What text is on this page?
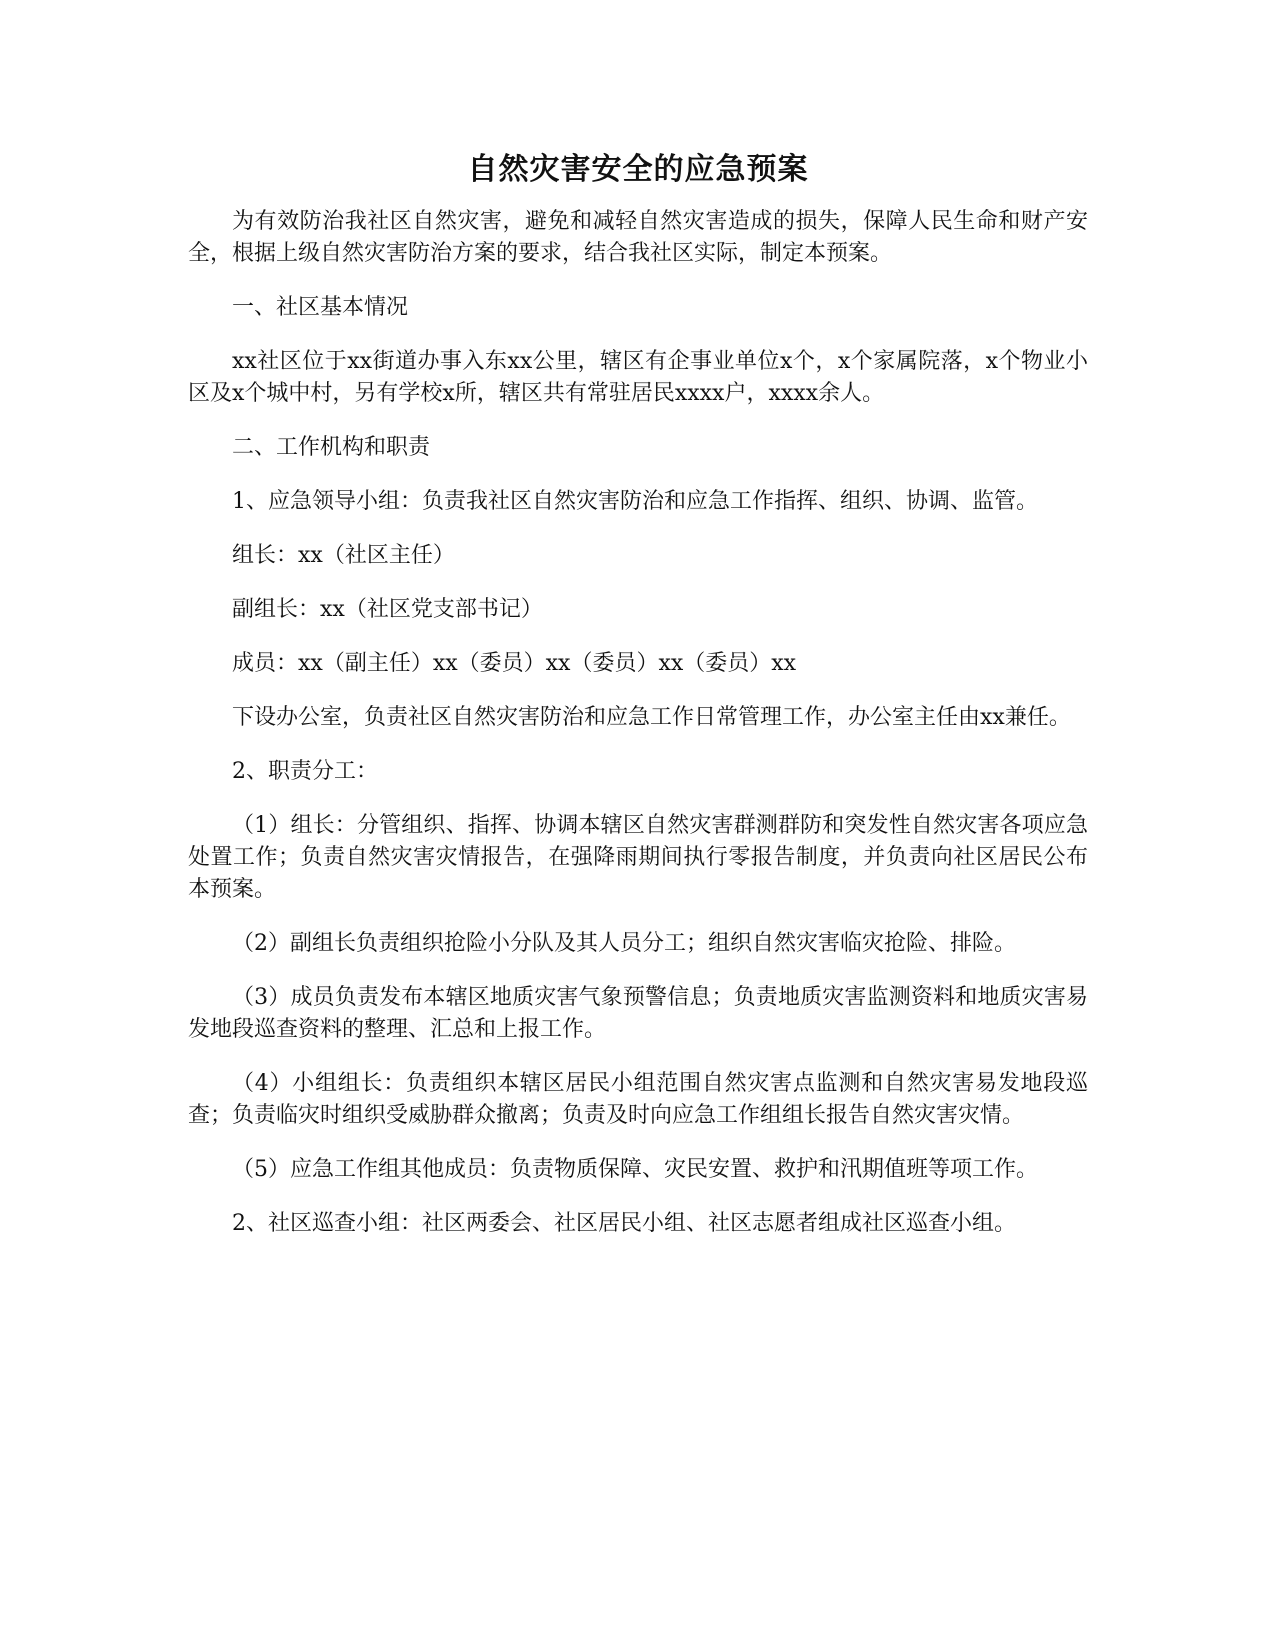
自然灾害安全的应急预案

为有效防治我社区自然灾害，避免和减轻自然灾害造成的损失，保障人民生命和财产安全，根据上级自然灾害防治方案的要求，结合我社区实际，制定本预案。

一、社区基本情况

xx社区位于xx街道办事入东xx公里，辖区有企事业单位x个，x个家属院落，x个物业小区及x个城中村，另有学校x所，辖区共有常驻居民xxxx户，xxxx余人。

二、工作机构和职责

1、应急领导小组：负责我社区自然灾害防治和应急工作指挥、组织、协调、监管。

组长：xx（社区主任）

副组长：xx（社区党支部书记）

成员：xx（副主任）xx（委员）xx（委员）xx（委员）xx

下设办公室，负责社区自然灾害防治和应急工作日常管理工作，办公室主任由xx兼任。

2、职责分工：

（1）组长：分管组织、指挥、协调本辖区自然灾害群测群防和突发性自然灾害各项应急处置工作；负责自然灾害灾情报告，在强降雨期间执行零报告制度，并负责向社区居民公布本预案。

（2）副组长负责组织抢险小分队及其人员分工；组织自然灾害临灾抢险、排险。

（3）成员负责发布本辖区地质灾害气象预警信息；负责地质灾害监测资料和地质灾害易发地段巡查资料的整理、汇总和上报工作。

（4）小组组长：负责组织本辖区居民小组范围自然灾害点监测和自然灾害易发地段巡查；负责临灾时组织受威胁群众撤离；负责及时向应急工作组组长报告自然灾害灾情。

（5）应急工作组其他成员：负责物质保障、灾民安置、救护和汛期值班等项工作。

2、社区巡查小组：社区两委会、社区居民小组、社区志愿者组成社区巡查小组。
